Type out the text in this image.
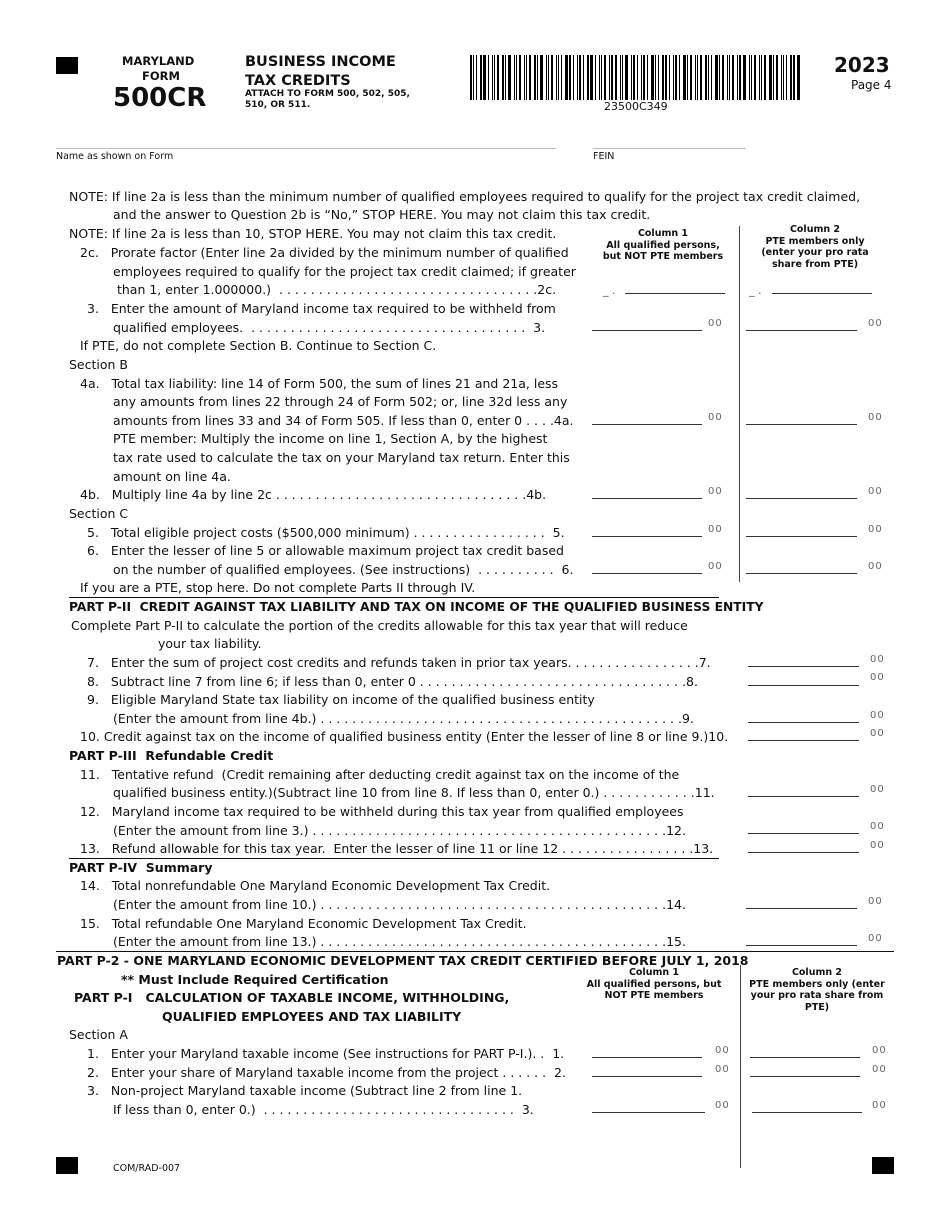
MARYLAND
FORM
500CR
BUSINESS INCOME
TAX CREDITS
ATTACH TO FORM 500, 502, 505,
510, OR 511.	23500C349
2023
Page 4
Name as shown on Form	FEIN
Column 1
All qualified persons,
but NOT PTE members
Column 2
PTE members only
(enter your pro rata
share from PTE)
NOTE: If line 2a is less than the minimum number of qualified employees required to qualify for the project tax credit claimed,
and the answer to Question 2b is “No,” STOP HERE. You may not claim this tax credit.
NOTE: If line 2a is less than 10, STOP HERE. You may not claim this tax credit.
2c.   Prorate factor (Enter line 2a divided by the minimum number of qualified
employees required to qualify for the project tax credit claimed; if greater
than 1, enter 1.000000.)  . . . . . . . . . . . . . . . . . . . . . . . . . . . . . . . . .2c.	_ .	_ .
3.   Enter the amount of Maryland income tax required to be withheld from
qualified employees.  . . . . . . . . . . . . . . . . . . . . . . . . . . . . . . . . . . .  3.	00	00
If PTE, do not complete Section B. Continue to Section C.
Section B
4a.   Total tax liability: line 14 of Form 500, the sum of lines 21 and 21a, less
any amounts from lines 22 through 24 of Form 502; or, line 32d less any
amounts from lines 33 and 34 of Form 505. If less than 0, enter 0 . . . .4a.	00	00
PTE member: Multiply the income on line 1, Section A, by the highest
tax rate used to calculate the tax on your Maryland tax return. Enter this
amount on line 4a.
4b.   Multiply line 4a by line 2c . . . . . . . . . . . . . . . . . . . . . . . . . . . . . . . .4b.	00	00
Section C
5.   Total eligible project costs ($500,000 minimum) . . . . . . . . . . . . . . . . .  5.	00	00
6.   Enter the lesser of line 5 or allowable maximum project tax credit based
on the number of qualified employees. (See instructions)  . . . . . . . . . .  6.	00	00
If you are a PTE, stop here. Do not complete Parts II through IV.
PART P-II  CREDIT AGAINST TAX LIABILITY AND TAX ON INCOME OF THE QUALIFIED BUSINESS ENTITY
Complete Part P-II to calculate the portion of the credits allowable for this tax year that will reduce
your tax liability.
7.   Enter the sum of project cost credits and refunds taken in prior tax years. . . . . . . . . . . . . . . . .7.	00
8.   Subtract line 7 from line 6; if less than 0, enter 0 . . . . . . . . . . . . . . . . . . . . . . . . . . . . . . . . . .8.	00
9.   Eligible Maryland State tax liability on income of the qualified business entity
(Enter the amount from line 4b.) . . . . . . . . . . . . . . . . . . . . . . . . . . . . . . . . . . . . . . . . . . . . . .9.	00
10. Credit against tax on the income of qualified business entity (Enter the lesser of line 8 or line 9.)10.	00
PART P-III  Refundable Credit
11.   Tentative refund  (Credit remaining after deducting credit against tax on the income of the
qualified business entity.)(Subtract line 10 from line 8. If less than 0, enter 0.) . . . . . . . . . . . .11.	00
12.   Maryland income tax required to be withheld during this tax year from qualified employees
(Enter the amount from line 3.) . . . . . . . . . . . . . . . . . . . . . . . . . . . . . . . . . . . . . . . . . . . . .12.	00
13.   Refund allowable for this tax year.  Enter the lesser of line 11 or line 12 . . . . . . . . . . . . . . . . .13.	00
PART P-IV  Summary
14.   Total nonrefundable One Maryland Economic Development Tax Credit.
(Enter the amount from line 10.) . . . . . . . . . . . . . . . . . . . . . . . . . . . . . . . . . . . . . . . . . . . .14.	00
15.   Total refundable One Maryland Economic Development Tax Credit.
(Enter the amount from line 13.) . . . . . . . . . . . . . . . . . . . . . . . . . . . . . . . . . . . . . . . . . . . .15.	00
PART P-2 - ONE MARYLAND ECONOMIC DEVELOPMENT TAX CREDIT CERTIFIED BEFORE JULY 1, 2018
** Must Include Required Certification
PART P-I   CALCULATION OF TAXABLE INCOME, WITHHOLDING,
QUALIFIED EMPLOYEES AND TAX LIABILITY
Column 1
All qualified persons, but
NOT PTE members
Column 2
PTE members only (enter
your pro rata share from
PTE)
Section A
1.   Enter your Maryland taxable income (See instructions for PART P-I.). .  1.	00	00
2.   Enter your share of Maryland taxable income from the project . . . . . .  2.	00	00
3.   Non-project Maryland taxable income (Subtract line 2 from line 1.
If less than 0, enter 0.)  . . . . . . . . . . . . . . . . . . . . . . . . . . . . . . . .  3.	00	00
COM/RAD-007
